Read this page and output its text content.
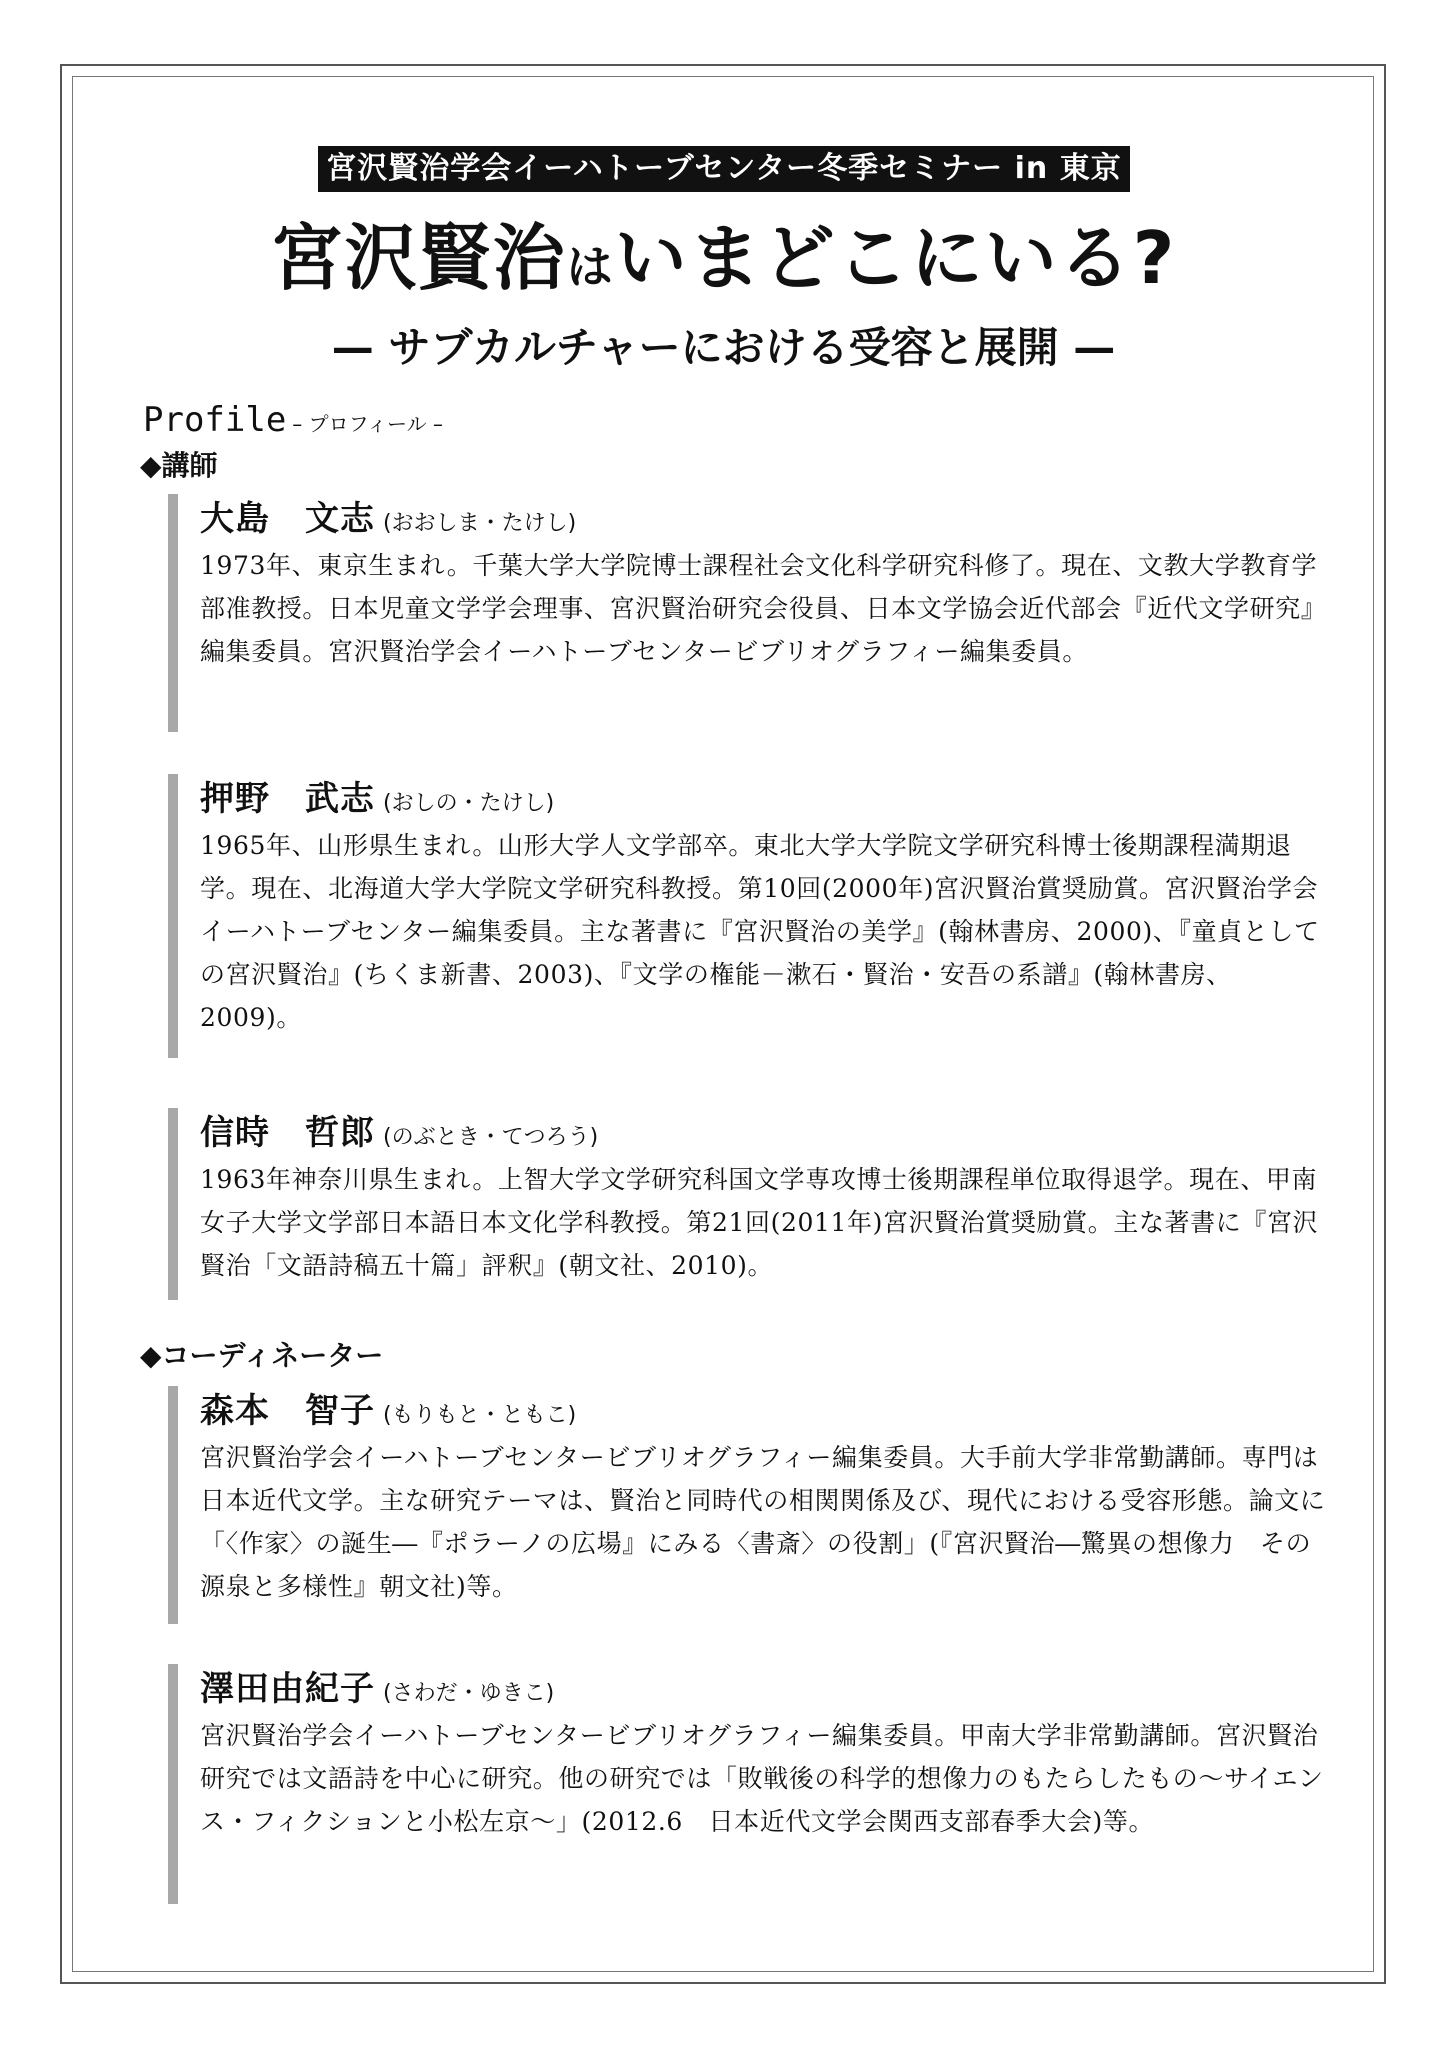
宮沢賢治学会イーハトーブセンター冬季セミナー in 東京
宮沢賢治はいまどこにいる?
— サブカルチャーにおける受容と展開 —
Profile – プロフィール –
◆講師
大島　文志 (おおしま・たけし)
1973年、東京生まれ。千葉大学大学院博士課程社会文化科学研究科修了。現在、文教大学教育学部准教授。日本児童文学学会理事、宮沢賢治研究会役員、日本文学協会近代部会『近代文学研究』編集委員。宮沢賢治学会イーハトーブセンタービブリオグラフィー編集委員。
押野　武志 (おしの・たけし)
1965年、山形県生まれ。山形大学人文学部卒。東北大学大学院文学研究科博士後期課程満期退学。現在、北海道大学大学院文学研究科教授。第10回(2000年)宮沢賢治賞奨励賞。宮沢賢治学会イーハトーブセンター編集委員。主な著書に『宮沢賢治の美学』(翰林書房、2000)、『童貞としての宮沢賢治』(ちくま新書、2003)、『文学の権能－漱石・賢治・安吾の系譜』(翰林書房、2009)。
信時　哲郎 (のぶとき・てつろう)
1963年神奈川県生まれ。上智大学文学研究科国文学専攻博士後期課程単位取得退学。現在、甲南女子大学文学部日本語日本文化学科教授。第21回(2011年)宮沢賢治賞奨励賞。主な著書に『宮沢賢治「文語詩稿五十篇」評釈』(朝文社、2010)。
◆コーディネーター
森本　智子 (もりもと・ともこ)
宮沢賢治学会イーハトーブセンタービブリオグラフィー編集委員。大手前大学非常勤講師。専門は日本近代文学。主な研究テーマは、賢治と同時代の相関関係及び、現代における受容形態。論文に「〈作家〉の誕生―『ポラーノの広場』にみる〈書斎〉の役割」(『宮沢賢治―驚異の想像力　その源泉と多様性』朝文社)等。
澤田由紀子 (さわだ・ゆきこ)
宮沢賢治学会イーハトーブセンタービブリオグラフィー編集委員。甲南大学非常勤講師。宮沢賢治研究では文語詩を中心に研究。他の研究では「敗戦後の科学的想像力のもたらしたもの～サイエンス・フィクションと小松左京～」(2012.6　日本近代文学会関西支部春季大会)等。
